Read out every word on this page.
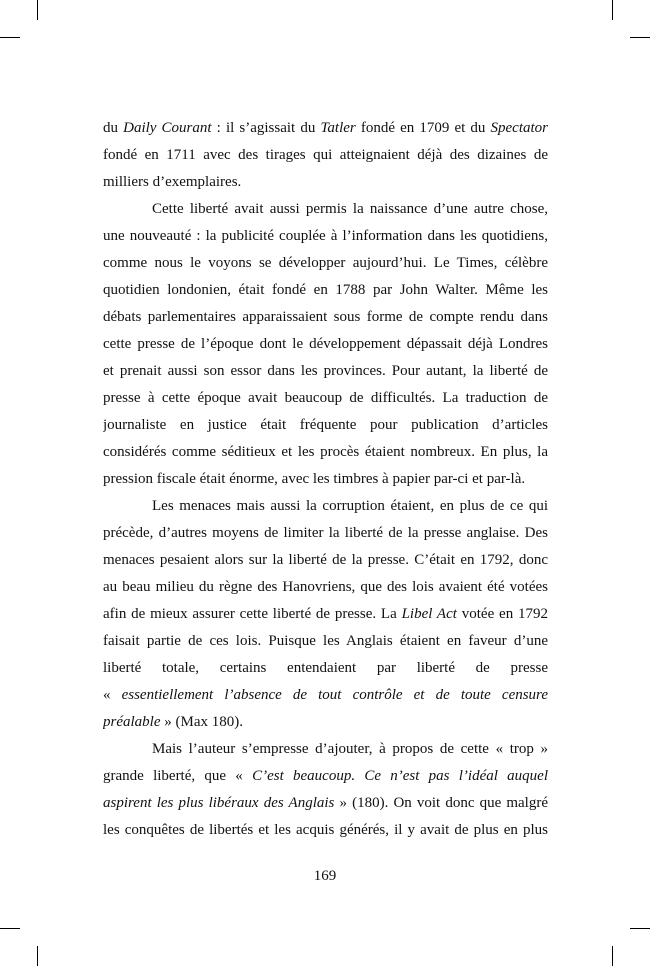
du Daily Courant : il s’agissait du Tatler fondé en 1709 et du Spectator
fondé en 1711 avec des tirages qui atteignaient déjà des dizaines de
milliers d’exemplaires.
Cette liberté avait aussi permis la naissance d’une autre chose,
une nouveauté : la publicité couplée à l’information dans les quotidiens,
comme nous le voyons se développer aujourd’hui. Le Times, célèbre
quotidien londonien, était fondé en 1788 par John Walter. Même les
débats parlementaires apparaissaient sous forme de compte rendu dans
cette presse de l’époque dont le développement dépassait déjà Londres
et prenait aussi son essor dans les provinces. Pour autant, la liberté de
presse à cette époque avait beaucoup de difficultés. La traduction de
journaliste en justice était fréquente pour publication d’articles
considérés comme séditieux et les procès étaient nombreux. En plus, la
pression fiscale était énorme, avec les timbres à papier par-ci et par-là.
Les menaces mais aussi la corruption étaient, en plus de ce qui
précède, d’autres moyens de limiter la liberté de la presse anglaise. Des
menaces pesaient alors sur la liberté de la presse. C’était en 1792, donc
au beau milieu du règne des Hanovriens, que des lois avaient été votées
afin de mieux assurer cette liberté de presse. La Libel Act votée en 1792
faisait partie de ces lois. Puisque les Anglais étaient en faveur d’une
liberté totale, certains entendaient par liberté de presse
« essentiellement l’absence de tout contrôle et de toute censure
préalable » (Max 180).
Mais l’auteur s’empresse d’ajouter, à propos de cette « trop »
grande liberté, que « C’est beaucoup. Ce n’est pas l’idéal auquel
aspirent les plus libéraux des Anglais » (180). On voit donc que malgré
les conquêtes de libertés et les acquis générés, il y avait de plus en plus
169
